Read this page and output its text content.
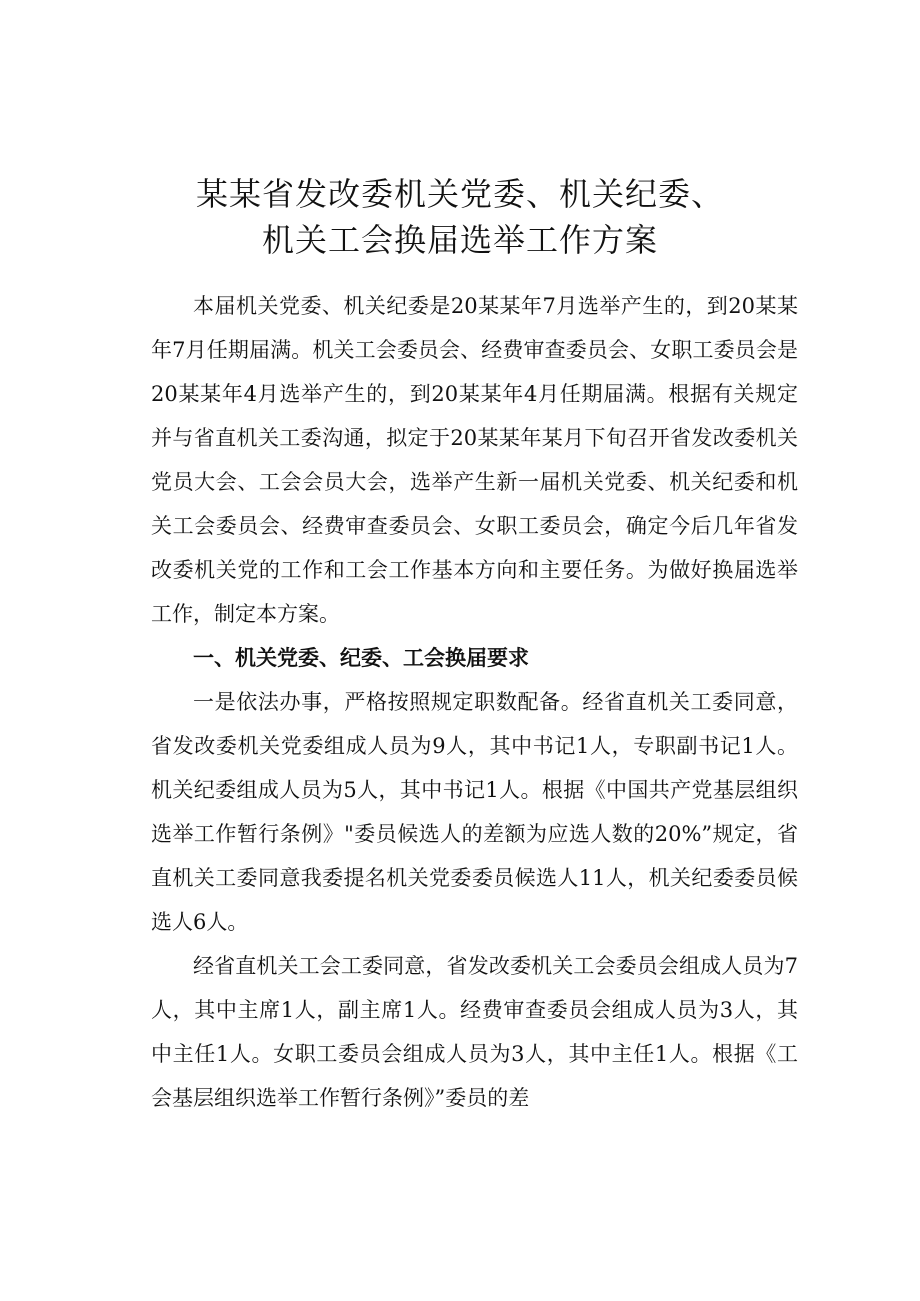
某某省发改委机关党委、机关纪委、
机关工会换届选举工作方案

本届机关党委、机关纪委是20某某年7月选举产生的，到20某某年7月任期届满。机关工会委员会、经费审查委员会、女职工委员会是20某某年4月选举产生的，到20某某年4月任期届满。根据有关规定并与省直机关工委沟通，拟定于20某某年某月下旬召开省发改委机关党员大会、工会会员大会，选举产生新一届机关党委、机关纪委和机关工会委员会、经费审查委员会、女职工委员会，确定今后几年省发改委机关党的工作和工会工作基本方向和主要任务。为做好换届选举工作，制定本方案。

一、机关党委、纪委、工会换届要求

一是依法办事，严格按照规定职数配备。经省直机关工委同意，省发改委机关党委组成人员为9人，其中书记1人，专职副书记1人。机关纪委组成人员为5人，其中书记1人。根据《中国共产党基层组织选举工作暂行条例》"委员候选人的差额为应选人数的20%”规定，省直机关工委同意我委提名机关党委委员候选人11人，机关纪委委员候选人6人。

经省直机关工会工委同意，省发改委机关工会委员会组成人员为7人，其中主席1人，副主席1人。经费审查委员会组成人员为3人，其中主任1人。女职工委员会组成人员为3人，其中主任1人。根据《工会基层组织选举工作暂行条例》”委员的差
